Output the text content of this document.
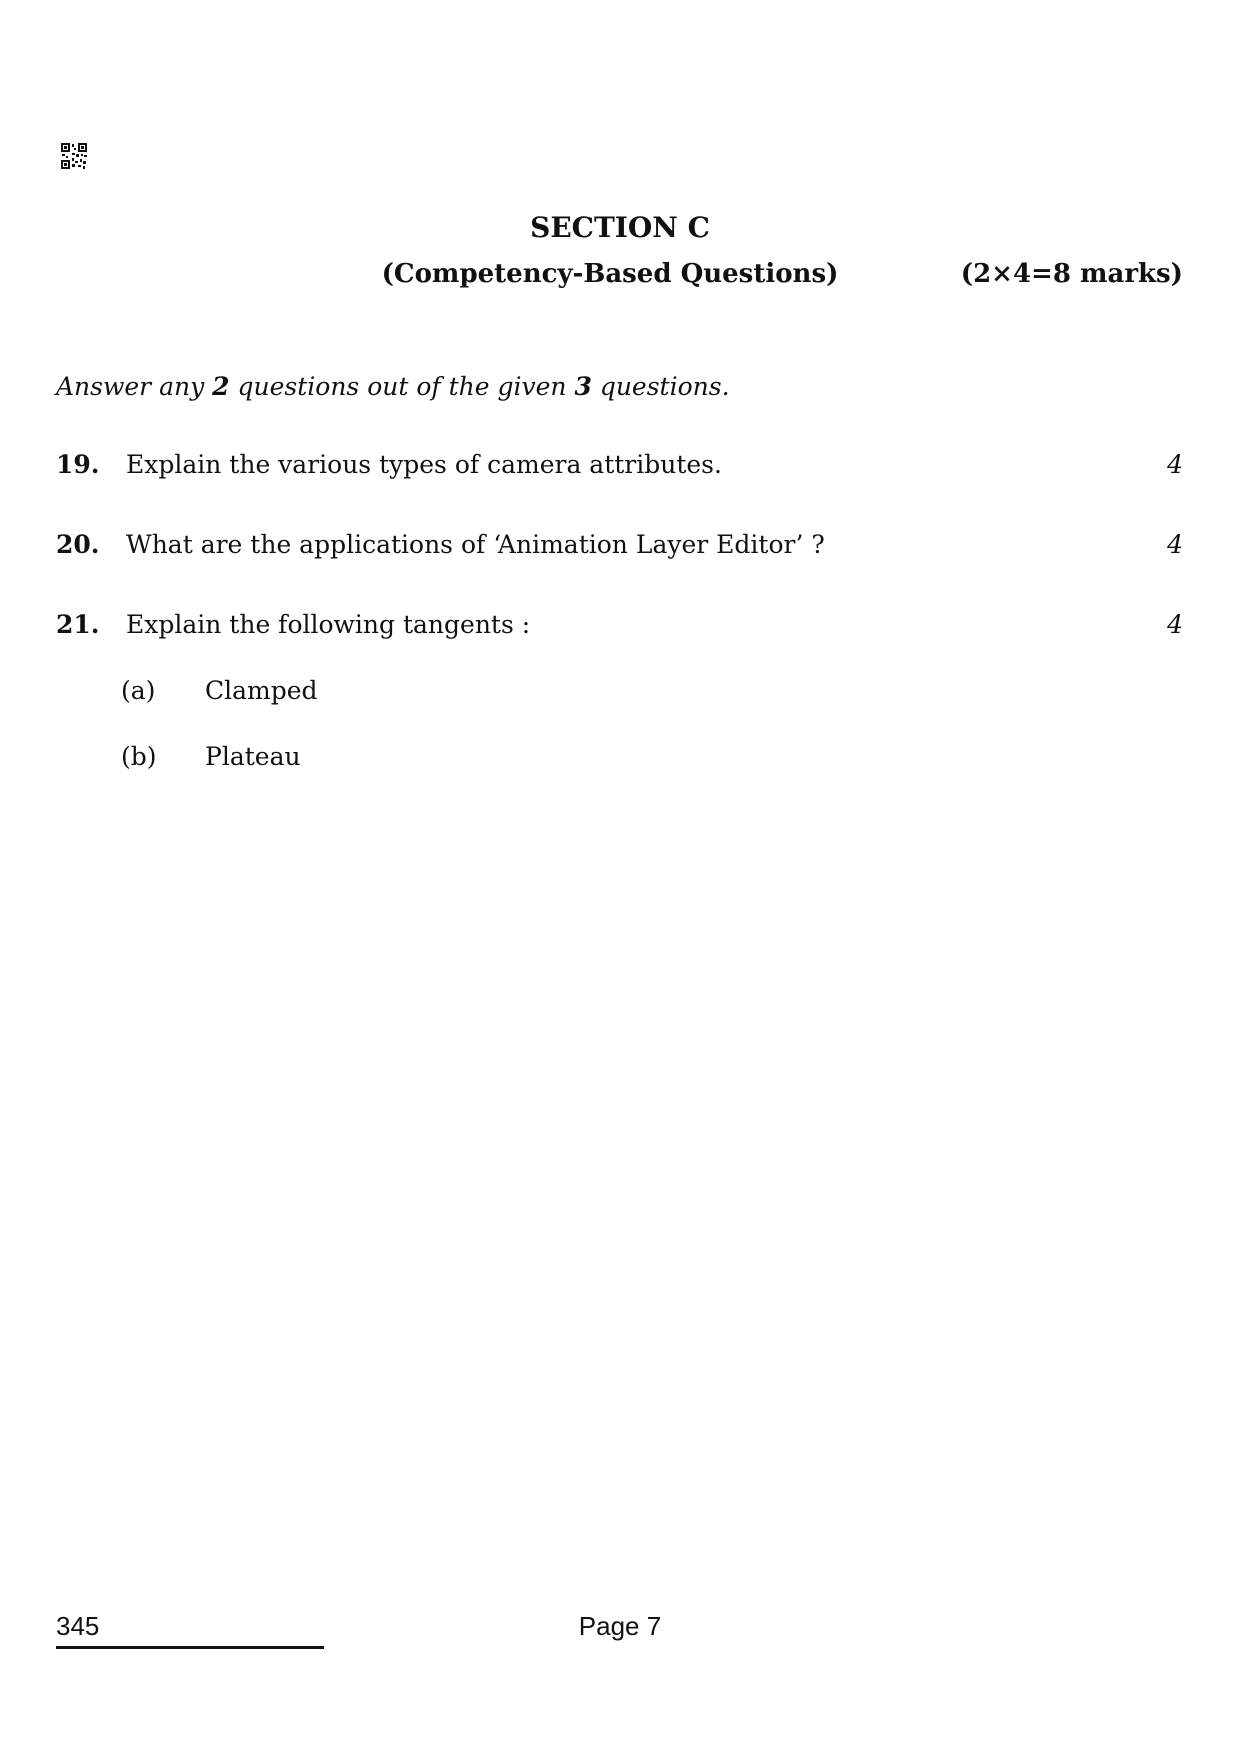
SECTION C
(Competency-Based Questions)	(2×4=8 marks)
Answer any 2 questions out of the given 3 questions.
19. Explain the various types of camera attributes.	4
20. What are the applications of ‘Animation Layer Editor’ ?	4
21. Explain the following tangents :	4
(a) Clamped
(b) Plateau
345	Page 7
